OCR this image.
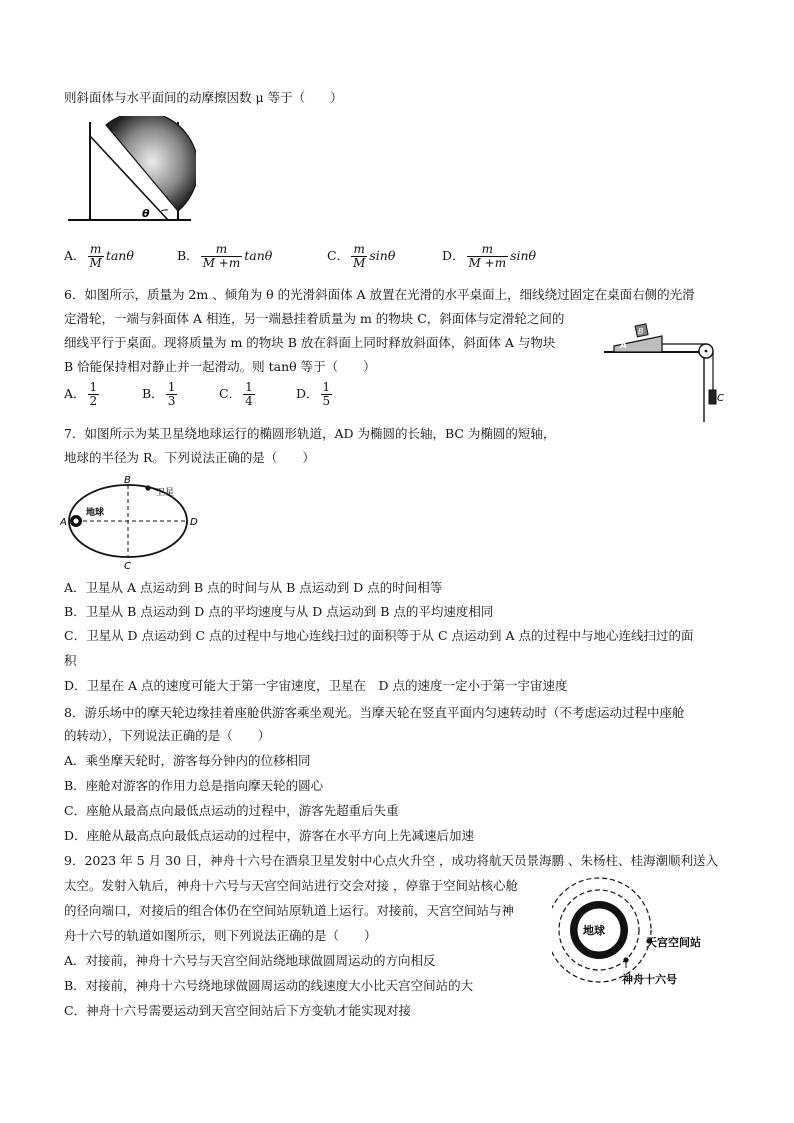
则斜面体与水平面间的动摩擦因数 μ 等于（　　）
θ
A． $\frac{m}{M}$ tanθ	B． $\frac{m}{M +m}$ tanθ	C． $\frac{m}{M}$ sinθ	D． $\frac{m}{M +m}$ sinθ
6．如图所示，质量为 2m 、倾角为 θ 的光滑斜面体 A 放置在光滑的水平桌面上，细线绕过固定在桌面右侧的光滑
定滑轮，一端与斜面体 A 相连，另一端悬挂着质量为 m 的物块 C，斜面体与定滑轮之间的
细线平行于桌面。现将质量为 m 的物块 B 放在斜面上同时释放斜面体，斜面体 A 与物块
B 恰能保持相对静止并一起滑动。则 tanθ 等于（　　）
A
B
C
A． $\frac{1}{2}$	B． $\frac{1}{3}$	C． $\frac{1}{4}$	D． $\frac{1}{5}$
7．如图所示为某卫星绕地球运行的椭圆形轨道，AD 为椭圆的长轴，BC 为椭圆的短轴，
地球的半径为 R。下列说法正确的是（　　）
地球
卫星
A
B
C
D
A．卫星从 A 点运动到 B 点的时间与从 B 点运动到 D 点的时间相等
B．卫星从 B 点运动到 D 点的平均速度与从 D 点运动到 B 点的平均速度相同
C．卫星从 D 点运动到 C 点的过程中与地心连线扫过的面积等于从 C 点运动到 A 点的过程中与地心连线扫过的面
积
D．卫星在 A 点的速度可能大于第一宇宙速度，卫星在　D 点的速度一定小于第一宇宙速度
8．游乐场中的摩天轮边缘挂着座舱供游客乘坐观光。当摩天轮在竖直平面内匀速转动时（不考虑运动过程中座舱
的转动），下列说法正确的是（　　）
A．乘坐摩天轮时，游客每分钟内的位移相同
B．座舱对游客的作用力总是指向摩天轮的圆心
C．座舱从最高点向最低点运动的过程中，游客先超重后失重
D．座舱从最高点向最低点运动的过程中，游客在水平方向上先减速后加速
9．2023 年 5 月 30 日，神舟十六号在酒泉卫星发射中心点火升空 ，成功将航天员景海鹏 、朱杨柱、桂海潮顺利送入
太空。发射入轨后，神舟十六号与天宫空间站进行交会对接 ，停靠于空间站核心舱
的径向端口，对接后的组合体仍在空间站原轨道上运行。对接前，天宫空间站与神
舟十六号的轨道如图所示，则下列说法正确的是（　　）	地球
天宫空间站
神舟十六号
A．对接前，神舟十六号与天宫空间站绕地球做圆周运动的方向相反
B．对接前，神舟十六号绕地球做圆周运动的线速度大小比天宫空间站的大
C．神舟十六号需要运动到天宫空间站后下方变轨才能实现对接
